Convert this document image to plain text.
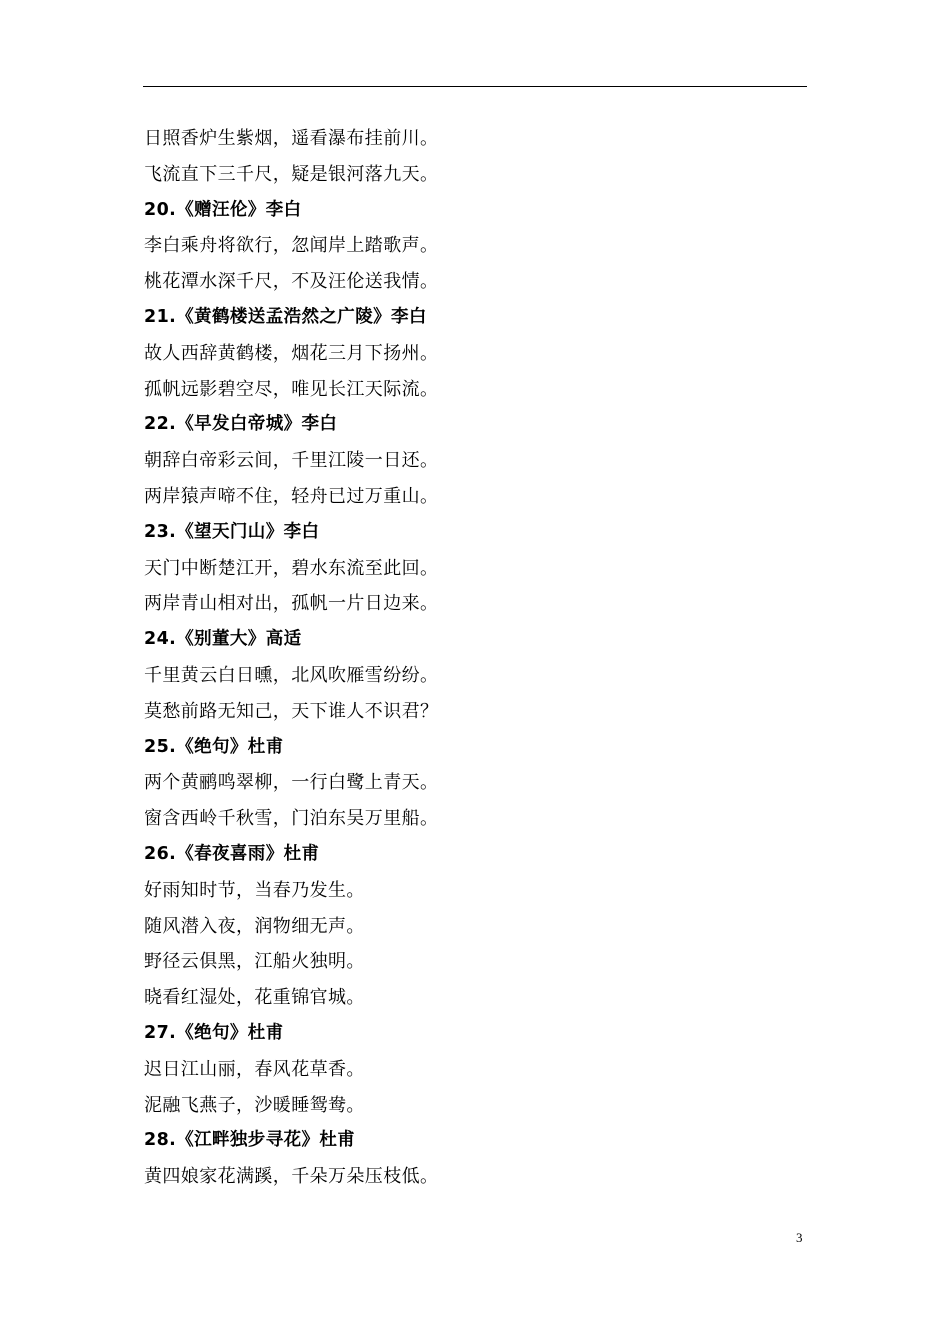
日照香炉生紫烟，遥看瀑布挂前川。
飞流直下三千尺，疑是银河落九天。
20.《赠汪伦》李白
李白乘舟将欲行，忽闻岸上踏歌声。
桃花潭水深千尺，不及汪伦送我情。
21.《黄鹤楼送孟浩然之广陵》李白
故人西辞黄鹤楼，烟花三月下扬州。
孤帆远影碧空尽，唯见长江天际流。
22.《早发白帝城》李白
朝辞白帝彩云间，千里江陵一日还。
两岸猿声啼不住，轻舟已过万重山。
23.《望天门山》李白
天门中断楚江开，碧水东流至此回。
两岸青山相对出，孤帆一片日边来。
24.《别董大》高适
千里黄云白日曛，北风吹雁雪纷纷。
莫愁前路无知己，天下谁人不识君？
25.《绝句》杜甫
两个黄鹂鸣翠柳，一行白鹭上青天。
窗含西岭千秋雪，门泊东吴万里船。
26.《春夜喜雨》杜甫
好雨知时节，当春乃发生。
随风潜入夜，润物细无声。
野径云俱黑，江船火独明。
晓看红湿处，花重锦官城。
27.《绝句》杜甫
迟日江山丽，春风花草香。
泥融飞燕子，沙暖睡鸳鸯。
28.《江畔独步寻花》杜甫
黄四娘家花满蹊，千朵万朵压枝低。
3
